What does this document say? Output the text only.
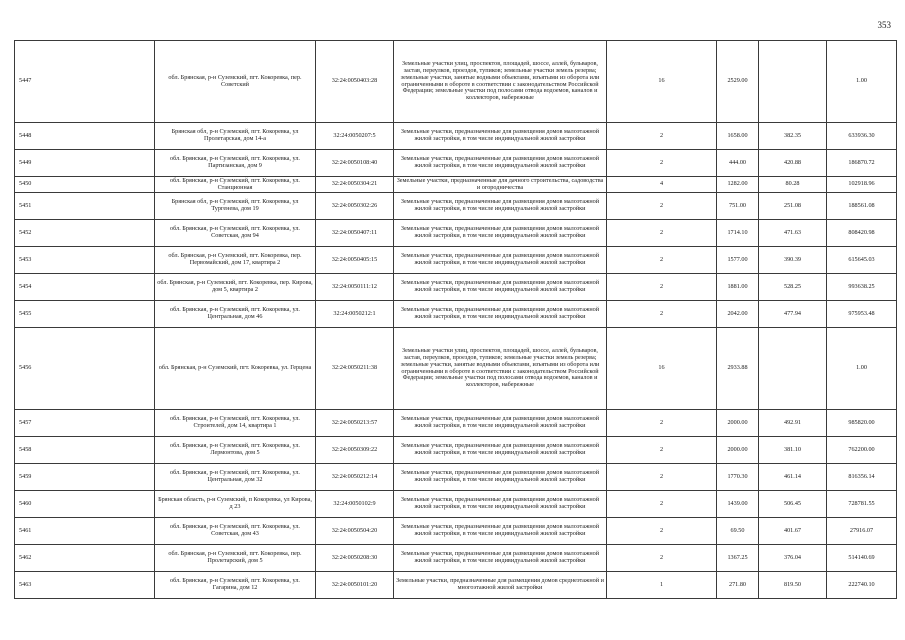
353
5447	обл. Брянская, р-н Суземский, пгт. Кокоревка, пер. Советский	32:24:0050403:28	Земельные участки улиц, проспектов, площадей, шоссе, аллей, бульваров, застав, переулков, проездов, тупиков; земельные участки земель резерва; земельные участки, занятые водными объектами, изъятыми из оборота или ограниченными в обороте в соответствии с законодательством Российской Федерации; земельные участки под полосами отвода водоемов, каналов и коллекторов, набережные	16	2529.00		1.00
5448	Брянская обл, р-н Суземский, пгт. Кокоревка, ул Пролетарская, дом 14-а	32:24:0050207:5	Земельные участки, предназначенные для размещения домов малоэтажной жилой застройки, в том числе индивидуальной жилой застройки	2	1658.00	382.35	633936.30
5449	обл. Брянская, р-н Суземский, пгт. Кокоревка, ул. Партизанская, дом 9	32:24:0050108:40	Земельные участки, предназначенные для размещения домов малоэтажной жилой застройки, в том числе индивидуальной жилой застройки	2	444.00	420.88	186870.72
5450	обл. Брянская, р-н Суземский, пгт. Кокоревка, ул. Станционная	32:24:0050304:21	Земельные участки, предназначенные для дачного строительства, садоводства и огородничества	4	1282.00	80.28	102918.96
5451	Брянская обл, р-н Суземский, пгт. Кокоревка, ул Тургенева, дом 19	32:24:0050302:26	Земельные участки, предназначенные для размещения домов малоэтажной жилой застройки, в том числе индивидуальной жилой застройки	2	751.00	251.08	188561.08
5452	обл. Брянская, р-н Суземский, пгт. Кокоревка, ул. Советская, дом 94	32:24:0050407:11	Земельные участки, предназначенные для размещения домов малоэтажной жилой застройки, в том числе индивидуальной жилой застройки	2	1714.10	471.63	808420.98
5453	обл. Брянская, р-н Суземский, пгт. Кокоревка, пер. Первомайский, дом 17, квартира 2	32:24:0050405:15	Земельные участки, предназначенные для размещения домов малоэтажной жилой застройки, в том числе индивидуальной жилой застройки	2	1577.00	390.39	615645.03
5454	обл. Брянская, р-н Суземский, пгт. Кокоревка, пер. Кирова, дом 5, квартира 2	32:24:0050111:12	Земельные участки, предназначенные для размещения домов малоэтажной жилой застройки, в том числе индивидуальной жилой застройки	2	1881.00	528.25	993638.25
5455	обл. Брянская, р-н Суземский, пгт. Кокоревка, ул. Центральная, дом 46	32:24:0050212:1	Земельные участки, предназначенные для размещения домов малоэтажной жилой застройки, в том числе индивидуальной жилой застройки	2	2042.00	477.94	975953.48
5456	обл. Брянская, р-н Суземский, пгт. Кокоревка, ул. Герцена	32:24:0050211:38	Земельные участки улиц, проспектов, площадей, шоссе, аллей, бульваров, застав, переулков, проездов, тупиков; земельные участки земель резерва; земельные участки, занятые водными объектами, изъятыми из оборота или ограниченными в обороте в соответствии с законодательством Российской Федерации; земельные участки под полосами отвода водоемов, каналов и коллекторов, набережные	16	2933.88		1.00
5457	обл. Брянская, р-н Суземский, пгт. Кокоревка, ул. Строителей, дом 14, квартира 1	32:24:0050213:57	Земельные участки, предназначенные для размещения домов малоэтажной жилой застройки, в том числе индивидуальной жилой застройки	2	2000.00	492.91	985820.00
5458	обл. Брянская, р-н Суземский, пгт. Кокоревка, ул. Лермонтова, дом 5	32:24:0050309:22	Земельные участки, предназначенные для размещения домов малоэтажной жилой застройки, в том числе индивидуальной жилой застройки	2	2000.00	381.10	762200.00
5459	обл. Брянская, р-н Суземский, пгт. Кокоревка, ул. Центральная, дом 32	32:24:0050212:14	Земельные участки, предназначенные для размещения домов малоэтажной жилой застройки, в том числе индивидуальной жилой застройки	2	1770.30	461.14	816356.14
5460	Брянская область, р-н Суземский, п Кокоревка, ул Кирова, д 23	32:24:0050102:9	Земельные участки, предназначенные для размещения домов малоэтажной жилой застройки, в том числе индивидуальной жилой застройки	2	1439.00	506.45	728781.55
5461	обл. Брянская, р-н Суземский, пгт. Кокоревка, ул. Советская, дом 43	32:24:0050504:20	Земельные участки, предназначенные для размещения домов малоэтажной жилой застройки, в том числе индивидуальной жилой застройки	2	69.50	401.67	27916.07
5462	обл. Брянская, р-н Суземский, пгт. Кокоревка, пер. Пролетарский, дом 5	32:24:0050208:30	Земельные участки, предназначенные для размещения домов малоэтажной жилой застройки, в том числе индивидуальной жилой застройки	2	1367.25	376.04	514140.69
5463	обл. Брянская, р-н Суземский, пгт. Кокоревка, ул. Гагарина, дом 12	32:24:0050101:20	Земельные участки, предназначенные для размещения домов среднеэтажной и многоэтажной жилой застройки	1	271.80	819.50	222740.10
